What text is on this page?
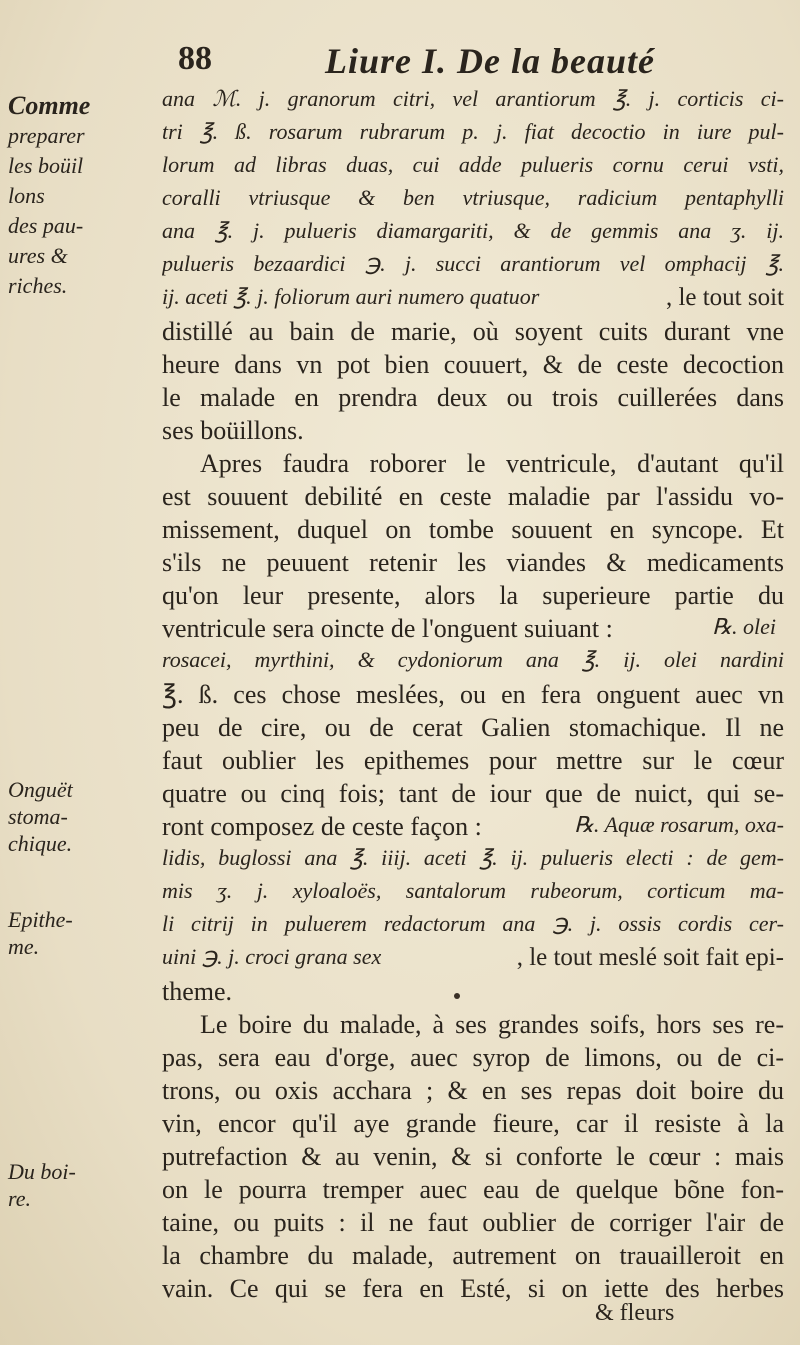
88	Liure I. De la beauté
Comme
preparer
les boüil
lons
des pau-
ures &
riches.
Onguët
stoma-
chique.
Epithe-
me.
Du boi-
re.
ana ℳ. j. granorum citri, vel arantiorum ℥. j. corticis ci-
tri ℥. ß. rosarum rubrarum p. j. fiat decoctio in iure pul-
lorum ad libras duas, cui adde pulueris cornu cerui vsti,
coralli vtriusque & ben vtriusque, radicium pentaphylli
ana ℥. j. pulueris diamargariti, & de gemmis ana ʒ. ij.
pulueris bezaardici ℈. j. succi arantiorum vel omphacij ℥.
ij. aceti ℥. j. foliorum auri numero quatuor	, le tout soit
distillé au bain de marie, où soyent cuits durant vne
heure dans vn pot bien couuert, & de ceste decoction
le malade en prendra deux ou trois cuillerées dans
ses boüillons.
Apres faudra roborer le ventricule, d'autant qu'il
est souuent debilité en ceste maladie par l'assidu vo-
missement, duquel on tombe souuent en syncope. Et
s'ils ne peuuent retenir les viandes & medicaments
qu'on leur presente, alors la superieure partie du
ventricule sera oincte de l'onguent suiuant :	℞. olei
rosacei, myrthini, & cydoniorum ana ℥. ij. olei nardini
℥. ß. ces chose meslées, ou en fera onguent auec vn
peu de cire, ou de cerat Galien stomachique. Il ne
faut oublier les epithemes pour mettre sur le cœur
quatre ou cinq fois; tant de iour que de nuict, qui se-
ront composez de ceste façon :	℞. Aquæ rosarum, oxa-
lidis, buglossi ana ℥. iiij. aceti ℥. ij. pulueris electi : de gem-
mis ʒ. j. xyloaloës, santalorum rubeorum, corticum ma-
li citrij in puluerem redactorum ana ℈. j. ossis cordis cer-
uini ℈. j. croci grana sex	, le tout meslé soit fait epi-
theme.
Le boire du malade, à ses grandes soifs, hors ses re-
pas, sera eau d'orge, auec syrop de limons, ou de ci-
trons, ou oxis acchara ; & en ses repas doit boire du
vin, encor qu'il aye grande fieure, car il resiste à la
putrefaction & au venin, & si conforte le cœur : mais
on le pourra tremper auec eau de quelque bõne fon-
taine, ou puits : il ne faut oublier de corriger l'air de
la chambre du malade, autrement on trauailleroit en
vain. Ce qui se fera en Esté, si on iette des herbes
& fleurs
